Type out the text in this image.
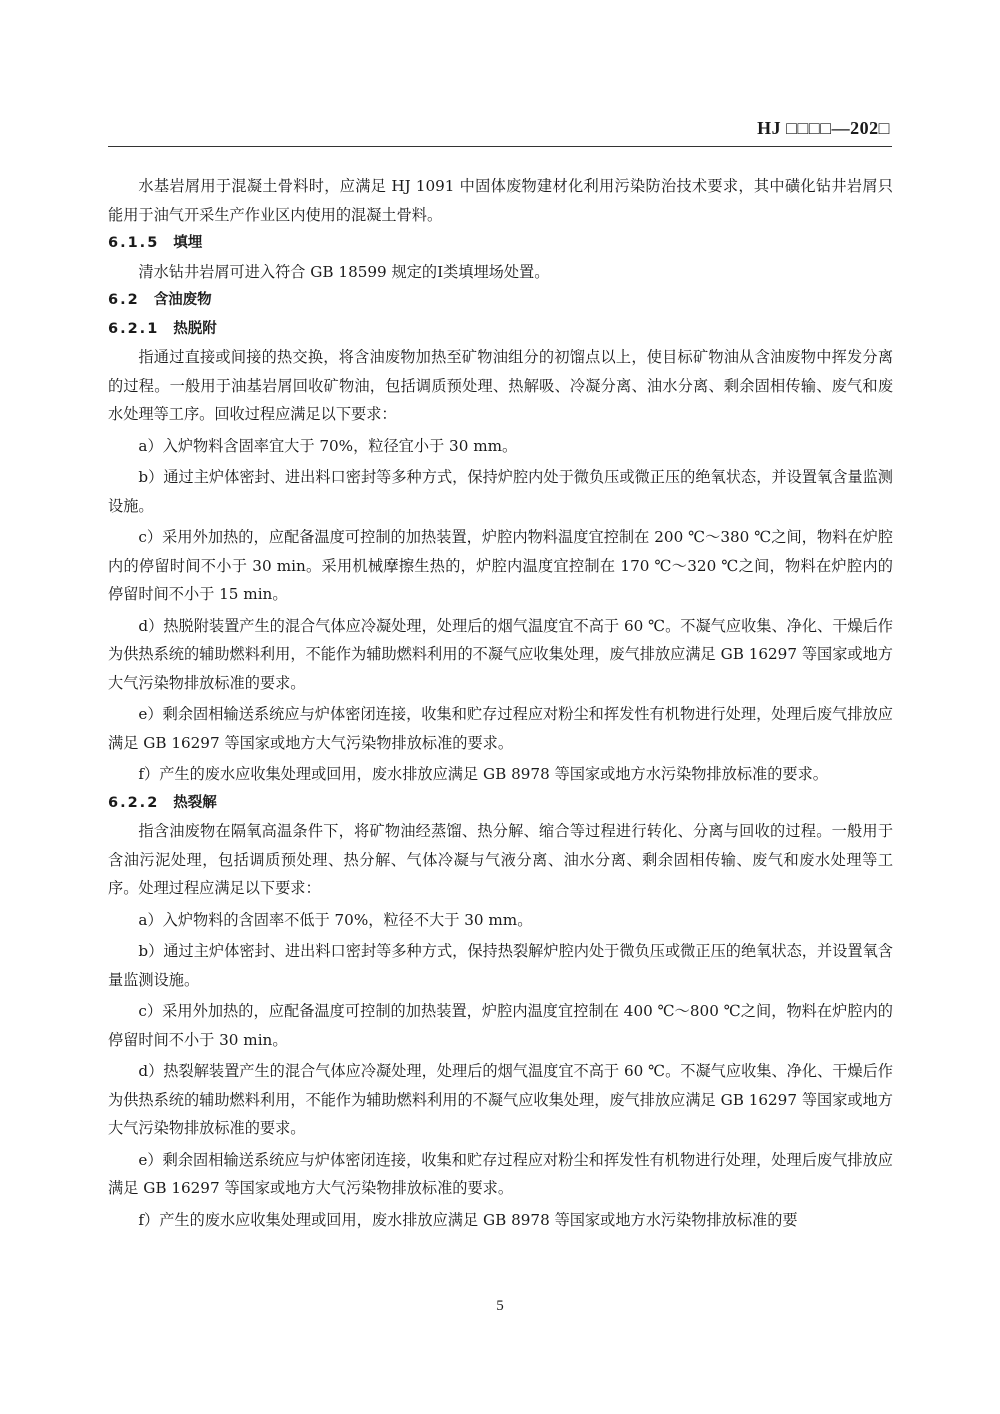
HJ □□□□—202□

水基岩屑用于混凝土骨料时，应满足 HJ 1091 中固体废物建材化利用污染防治技术要求，其中磺化钻井岩屑只能用于油气开采生产作业区内使用的混凝土骨料。

6.1.5 填埋

清水钻井岩屑可进入符合 GB 18599 规定的Ⅰ类填埋场处置。

6.2 含油废物
6.2.1 热脱附

指通过直接或间接的热交换，将含油废物加热至矿物油组分的初馏点以上，使目标矿物油从含油废物中挥发分离的过程。一般用于油基岩屑回收矿物油，包括调质预处理、热解吸、冷凝分离、油水分离、剩余固相传输、废气和废水处理等工序。回收过程应满足以下要求：

a）入炉物料含固率宜大于 70%，粒径宜小于 30 mm。

b）通过主炉体密封、进出料口密封等多种方式，保持炉腔内处于微负压或微正压的绝氧状态，并设置氧含量监测设施。

c）采用外加热的，应配备温度可控制的加热装置，炉腔内物料温度宜控制在 200 ℃～380 ℃之间，物料在炉腔内的停留时间不小于 30 min。采用机械摩擦生热的，炉腔内温度宜控制在 170 ℃～320 ℃之间，物料在炉腔内的停留时间不小于 15 min。

d）热脱附装置产生的混合气体应冷凝处理，处理后的烟气温度宜不高于 60 ℃。不凝气应收集、净化、干燥后作为供热系统的辅助燃料利用，不能作为辅助燃料利用的不凝气应收集处理，废气排放应满足 GB 16297 等国家或地方大气污染物排放标准的要求。

e）剩余固相输送系统应与炉体密闭连接，收集和贮存过程应对粉尘和挥发性有机物进行处理，处理后废气排放应满足 GB 16297 等国家或地方大气污染物排放标准的要求。

f）产生的废水应收集处理或回用，废水排放应满足 GB 8978 等国家或地方水污染物排放标准的要求。

6.2.2 热裂解

指含油废物在隔氧高温条件下，将矿物油经蒸馏、热分解、缩合等过程进行转化、分离与回收的过程。一般用于含油污泥处理，包括调质预处理、热分解、气体冷凝与气液分离、油水分离、剩余固相传输、废气和废水处理等工序。处理过程应满足以下要求：

a）入炉物料的含固率不低于 70%，粒径不大于 30 mm。

b）通过主炉体密封、进出料口密封等多种方式，保持热裂解炉腔内处于微负压或微正压的绝氧状态，并设置氧含量监测设施。

c）采用外加热的，应配备温度可控制的加热装置，炉腔内温度宜控制在 400 ℃～800 ℃之间，物料在炉腔内的停留时间不小于 30 min。

d）热裂解装置产生的混合气体应冷凝处理，处理后的烟气温度宜不高于 60 ℃。不凝气应收集、净化、干燥后作为供热系统的辅助燃料利用，不能作为辅助燃料利用的不凝气应收集处理，废气排放应满足 GB 16297 等国家或地方大气污染物排放标准的要求。

e）剩余固相输送系统应与炉体密闭连接，收集和贮存过程应对粉尘和挥发性有机物进行处理，处理后废气排放应满足 GB 16297 等国家或地方大气污染物排放标准的要求。

f）产生的废水应收集处理或回用，废水排放应满足 GB 8978 等国家或地方水污染物排放标准的要

5
